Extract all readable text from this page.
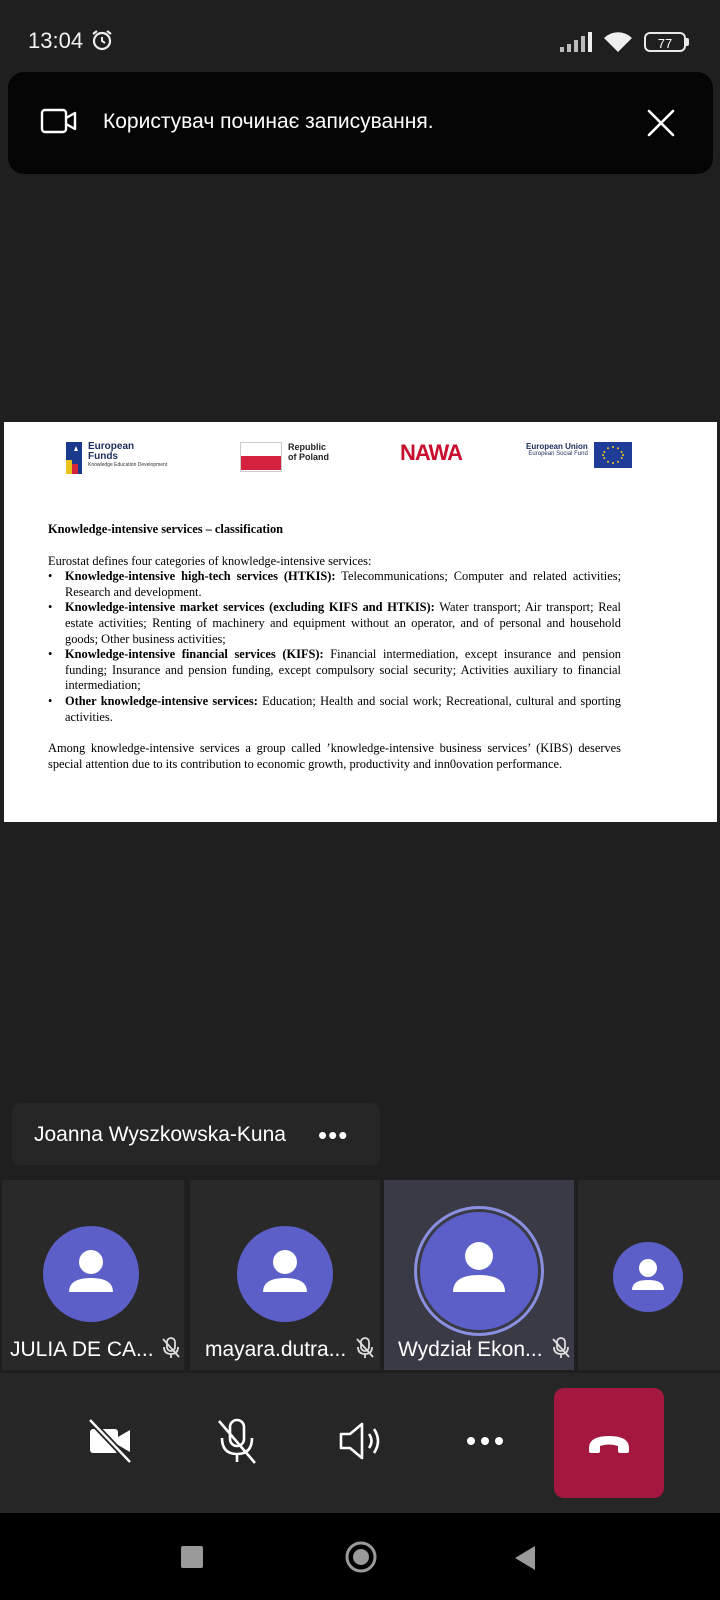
13:04	77
Користувач починає записування.
European Funds
Knowledge Education Development
Republic of Poland	NAWA	European Union
European Social Fund
Knowledge-intensive services – classification

Eurostat defines four categories of knowledge-intensive services:

• Knowledge-intensive high-tech services (HTKIS): Telecommunications; Computer and related activities; Research and development.
• Knowledge-intensive market services (excluding KIFS and HTKIS): Water transport; Air transport; Real estate activities; Renting of machinery and equipment without an operator, and of personal and household goods; Other business activities;
• Knowledge-intensive financial services (KIFS): Financial intermediation, except insurance and pension funding; Insurance and pension funding, except compulsory social security; Activities auxiliary to financial intermediation;
• Other knowledge-intensive services: Education; Health and social work; Recreational, cultural and sporting activities.

Among knowledge-intensive services a group called ’knowledge-intensive business services’ (KIBS) deserves special attention due to its contribution to economic growth, productivity and inn0ovation performance.

Joanna Wyszkowska-Kuna •••
JULIA DE CA... mayara.dutra... Wydział Ekon...
